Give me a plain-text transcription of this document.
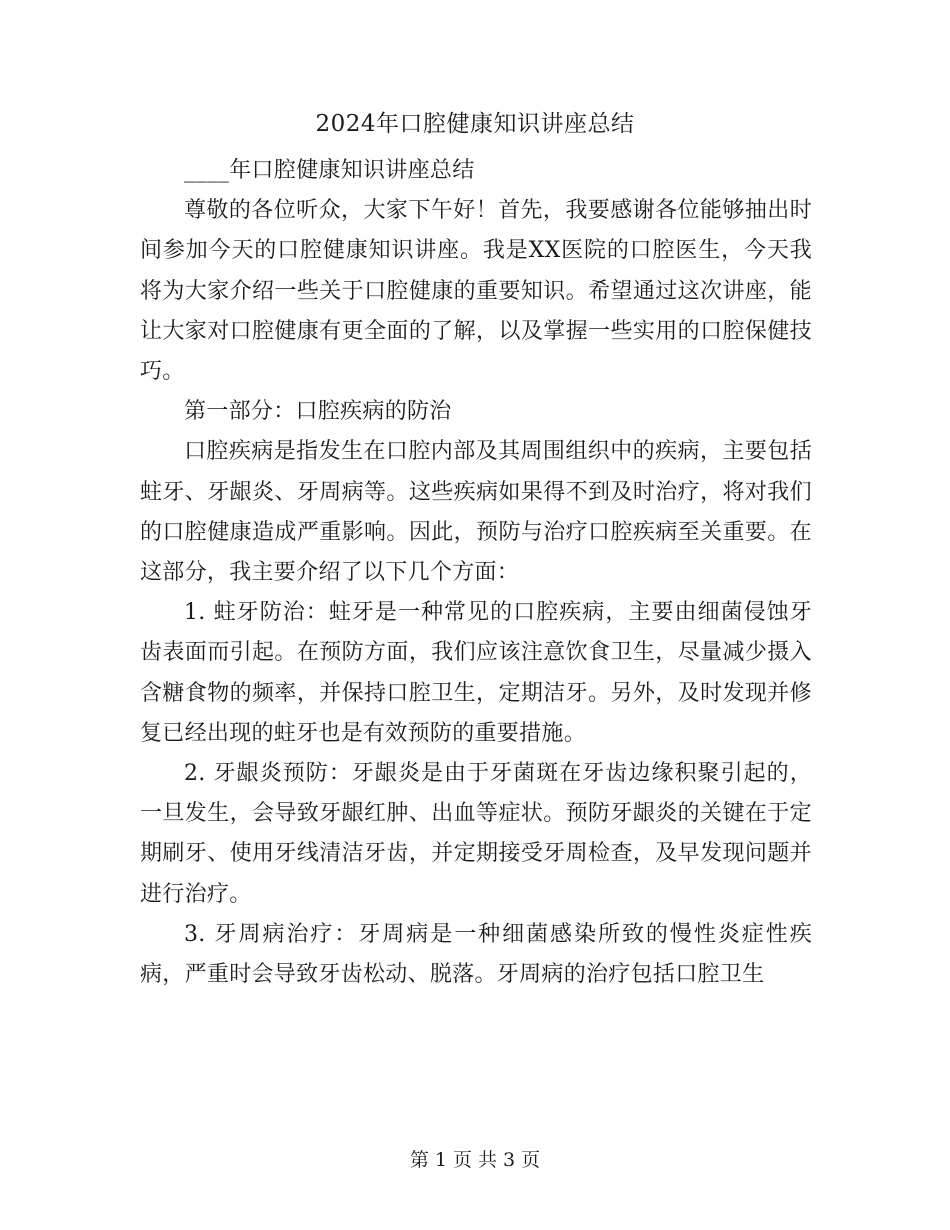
2024年口腔健康知识讲座总结

____年口腔健康知识讲座总结

尊敬的各位听众，大家下午好！首先，我要感谢各位能够抽出时间参加今天的口腔健康知识讲座。我是XX医院的口腔医生，今天我将为大家介绍一些关于口腔健康的重要知识。希望通过这次讲座，能让大家对口腔健康有更全面的了解，以及掌握一些实用的口腔保健技巧。

第一部分：口腔疾病的防治

口腔疾病是指发生在口腔内部及其周围组织中的疾病，主要包括蛀牙、牙龈炎、牙周病等。这些疾病如果得不到及时治疗，将对我们的口腔健康造成严重影响。因此，预防与治疗口腔疾病至关重要。在这部分，我主要介绍了以下几个方面：

1. 蛀牙防治：蛀牙是一种常见的口腔疾病，主要由细菌侵蚀牙齿表面而引起。在预防方面，我们应该注意饮食卫生，尽量减少摄入含糖食物的频率，并保持口腔卫生，定期洁牙。另外，及时发现并修复已经出现的蛀牙也是有效预防的重要措施。

2. 牙龈炎预防：牙龈炎是由于牙菌斑在牙齿边缘积聚引起的，一旦发生，会导致牙龈红肿、出血等症状。预防牙龈炎的关键在于定期刷牙、使用牙线清洁牙齿，并定期接受牙周检查，及早发现问题并进行治疗。

3. 牙周病治疗：牙周病是一种细菌感染所致的慢性炎症性疾病，严重时会导致牙齿松动、脱落。牙周病的治疗包括口腔卫生

第 1 页 共 3 页
